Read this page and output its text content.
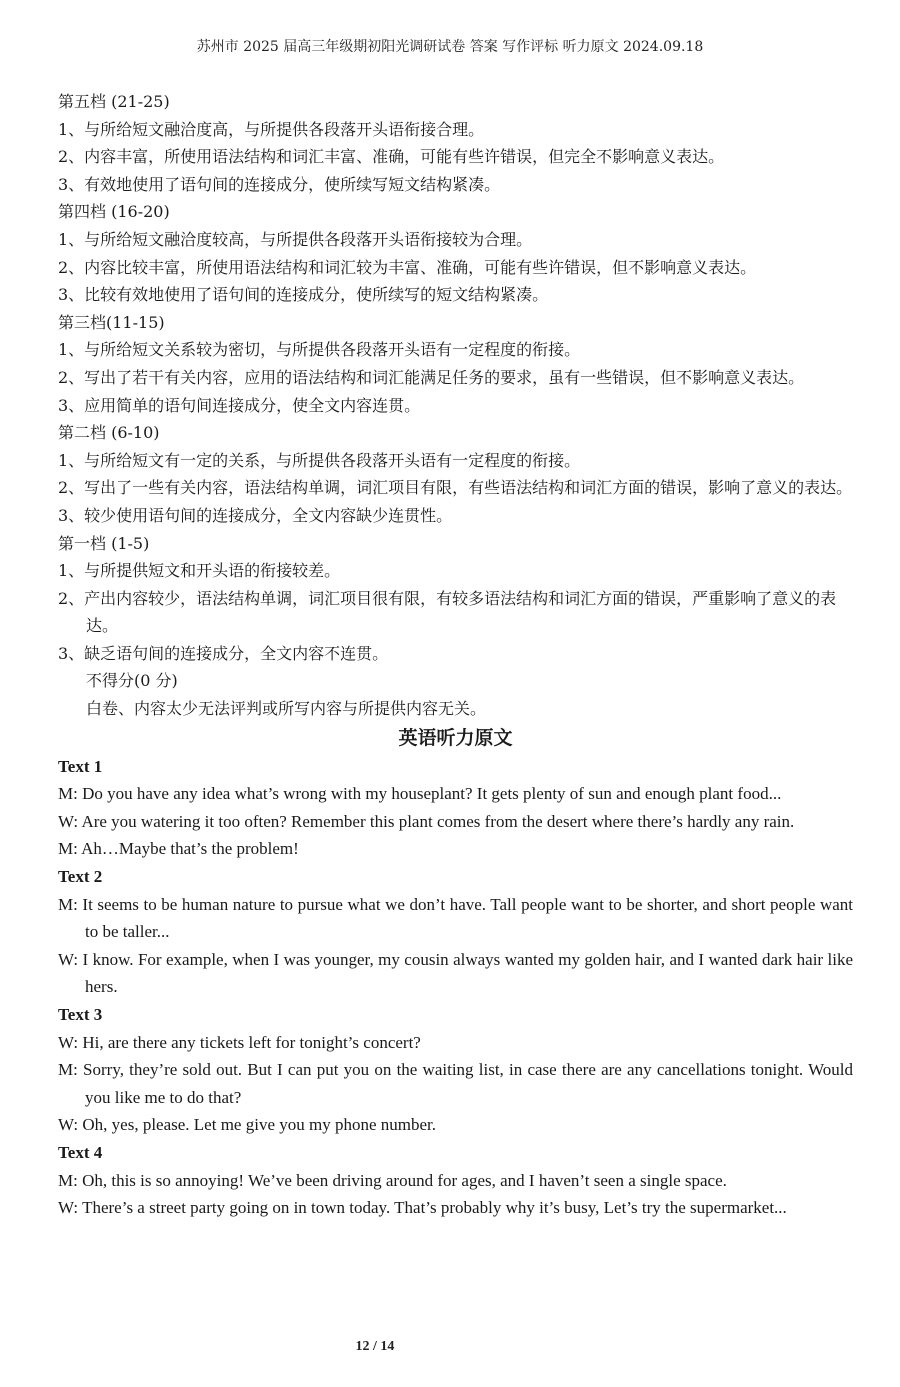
苏州市 2025 届高三年级期初阳光调研试卷 答案 写作评标 听力原文 2024.09.18
第五档 (21-25)
1、与所给短文融洽度高，与所提供各段落开头语衔接合理。
2、内容丰富，所使用语法结构和词汇丰富、准确，可能有些许错误，但完全不影响意义表达。
3、有效地使用了语句间的连接成分，使所续写短文结构紧凑。
第四档 (16-20)
1、与所给短文融洽度较高，与所提供各段落开头语衔接较为合理。
2、内容比较丰富，所使用语法结构和词汇较为丰富、准确，可能有些许错误，但不影响意义表达。
3、比较有效地使用了语句间的连接成分，使所续写的短文结构紧凑。
第三档(11-15)
1、与所给短文关系较为密切，与所提供各段落开头语有一定程度的衔接。
2、写出了若干有关内容，应用的语法结构和词汇能满足任务的要求，虽有一些错误，但不影响意义表达。
3、应用简单的语句间连接成分，使全文内容连贯。
第二档 (6-10)
1、与所给短文有一定的关系，与所提供各段落开头语有一定程度的衔接。
2、写出了一些有关内容，语法结构单调，词汇项目有限，有些语法结构和词汇方面的错误，影响了意义的表达。
3、较少使用语句间的连接成分，全文内容缺少连贯性。
第一档 (1-5)
1、与所提供短文和开头语的衔接较差。
2、产出内容较少，语法结构单调，词汇项目很有限，有较多语法结构和词汇方面的错误，严重影响了意义的表达。
3、缺乏语句间的连接成分，全文内容不连贯。
不得分(0 分)
白卷、内容太少无法评判或所写内容与所提供内容无关。
英语听力原文
Text 1
M: Do you have any idea what’s wrong with my houseplant? It gets plenty of sun and enough plant food...
W: Are you watering it too often? Remember this plant comes from the desert where there’s hardly any rain.
M: Ah…Maybe that’s the problem!
Text 2
M: It seems to be human nature to pursue what we don’t have. Tall people want to be shorter, and short people want to be taller...
W: I know. For example, when I was younger, my cousin always wanted my golden hair, and I wanted dark hair like hers.
Text 3
W: Hi, are there any tickets left for tonight’s concert?
M: Sorry, they’re sold out. But I can put you on the waiting list, in case there are any cancellations tonight. Would you like me to do that?
W: Oh, yes, please. Let me give you my phone number.
Text 4
M: Oh, this is so annoying! We’ve been driving around for ages, and I haven’t seen a single space.
W: There’s a street party going on in town today. That’s probably why it’s busy, Let’s try the supermarket...
12 / 14
